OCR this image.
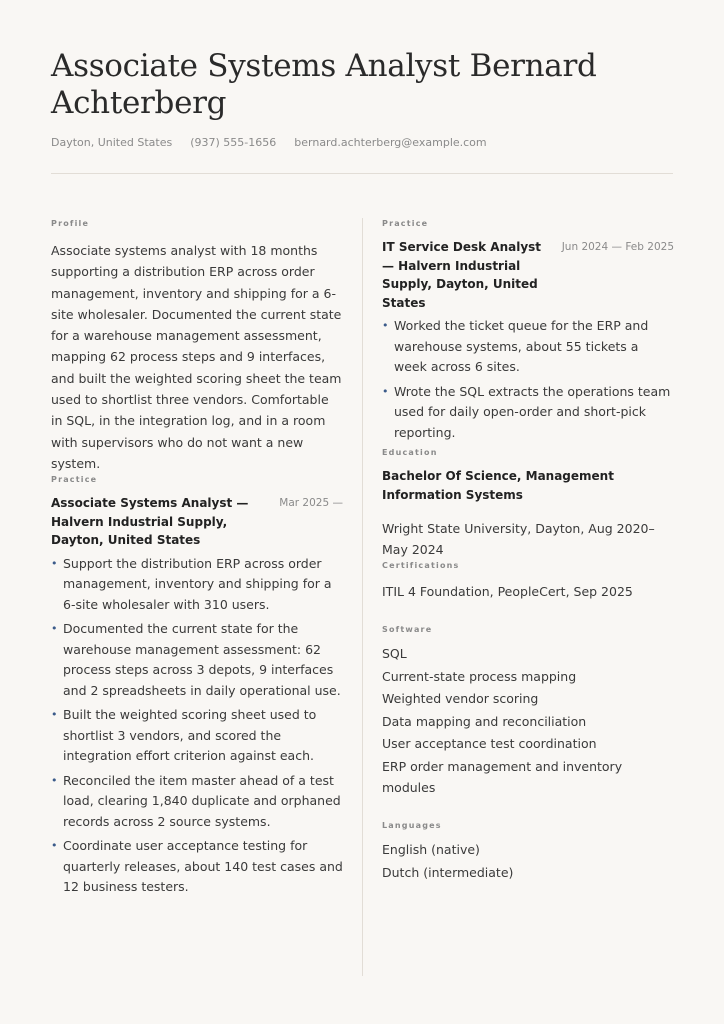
Associate Systems Analyst Bernard Achterberg
Dayton, United States (937) 555-1656 bernard.achterberg@example.com
Profile

Associate systems analyst with 18 months supporting a distribution ERP across order management, inventory and shipping for a 6-site wholesaler. Documented the current state for a warehouse management assessment, mapping 62 process steps and 9 interfaces, and built the weighted scoring sheet the team used to shortlist three vendors. Comfortable in SQL, in the integration log, and in a room with supervisors who do not want a new system.

Practice
Associate Systems Analyst — Halvern Industrial Supply, Dayton, United States
Mar 2025 —
• Support the distribution ERP across order management, inventory and shipping for a 6-site wholesaler with 310 users.
• Documented the current state for the warehouse management assessment: 62 process steps across 3 depots, 9 interfaces and 2 spreadsheets in daily operational use.
• Built the weighted scoring sheet used to shortlist 3 vendors, and scored the integration effort criterion against each.
• Reconciled the item master ahead of a test load, clearing 1,840 duplicate and orphaned records across 2 source systems.
• Coordinate user acceptance testing for quarterly releases, about 140 test cases and 12 business testers.
Practice
IT Service Desk Analyst — Halvern Industrial Supply, Dayton, United States
Jun 2024 — Feb 2025
• Worked the ticket queue for the ERP and warehouse systems, about 55 tickets a week across 6 sites.
• Wrote the SQL extracts the operations team used for daily open-order and short-pick reporting.
Education
Bachelor Of Science, Management Information Systems
Wright State University, Dayton, Aug 2020–May 2024
Certifications
ITIL 4 Foundation, PeopleCert, Sep 2025
Software
SQL
Current-state process mapping
Weighted vendor scoring
Data mapping and reconciliation
User acceptance test coordination
ERP order management and inventory modules
Languages
English (native)
Dutch (intermediate)
